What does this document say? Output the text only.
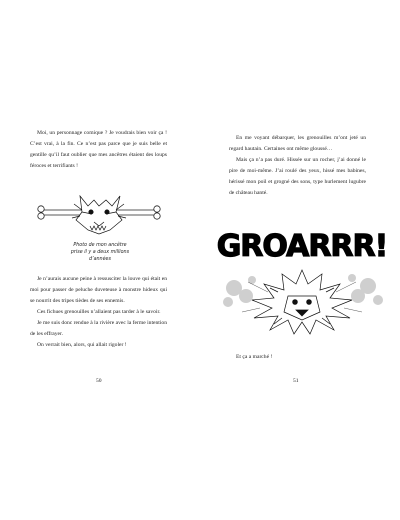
Moi, un personnage comique ? Je voudrais bien voir ça ! C’est vrai, à la fin. Ce n’est pas parce que je suis belle et gentille qu’il faut oublier que mes ancêtres étaient des loups féroces et terrifiants !

Photo de mon ancêtre
prise il y a deux millions d’années

Je n’aurais aucune peine à ressusciter la louve qui était en moi pour passer de peluche duveteuse à monstre hideux qui se nourrit des tripes tièdes de ses ennemis.

Ces fichues grenouilles n’allaient pas tarder à le savoir.

Je me suis donc rendue à la rivière avec la ferme intention de les effrayer.

On verrait bien, alors, qui allait rigoler !

50

En me voyant débarquer, les grenouilles m’ont jeté un regard hautain. Certaines ont même gloussé…

Mais ça n’a pas duré. Hissée sur un rocher, j’ai donné le pire de moi-même. J’ai roulé des yeux, hissé mes babines, hérissé mon poil et grogné des sons, type hurlement lugubre de château hanté.

GROARRR!

Et ça a marché !

51
